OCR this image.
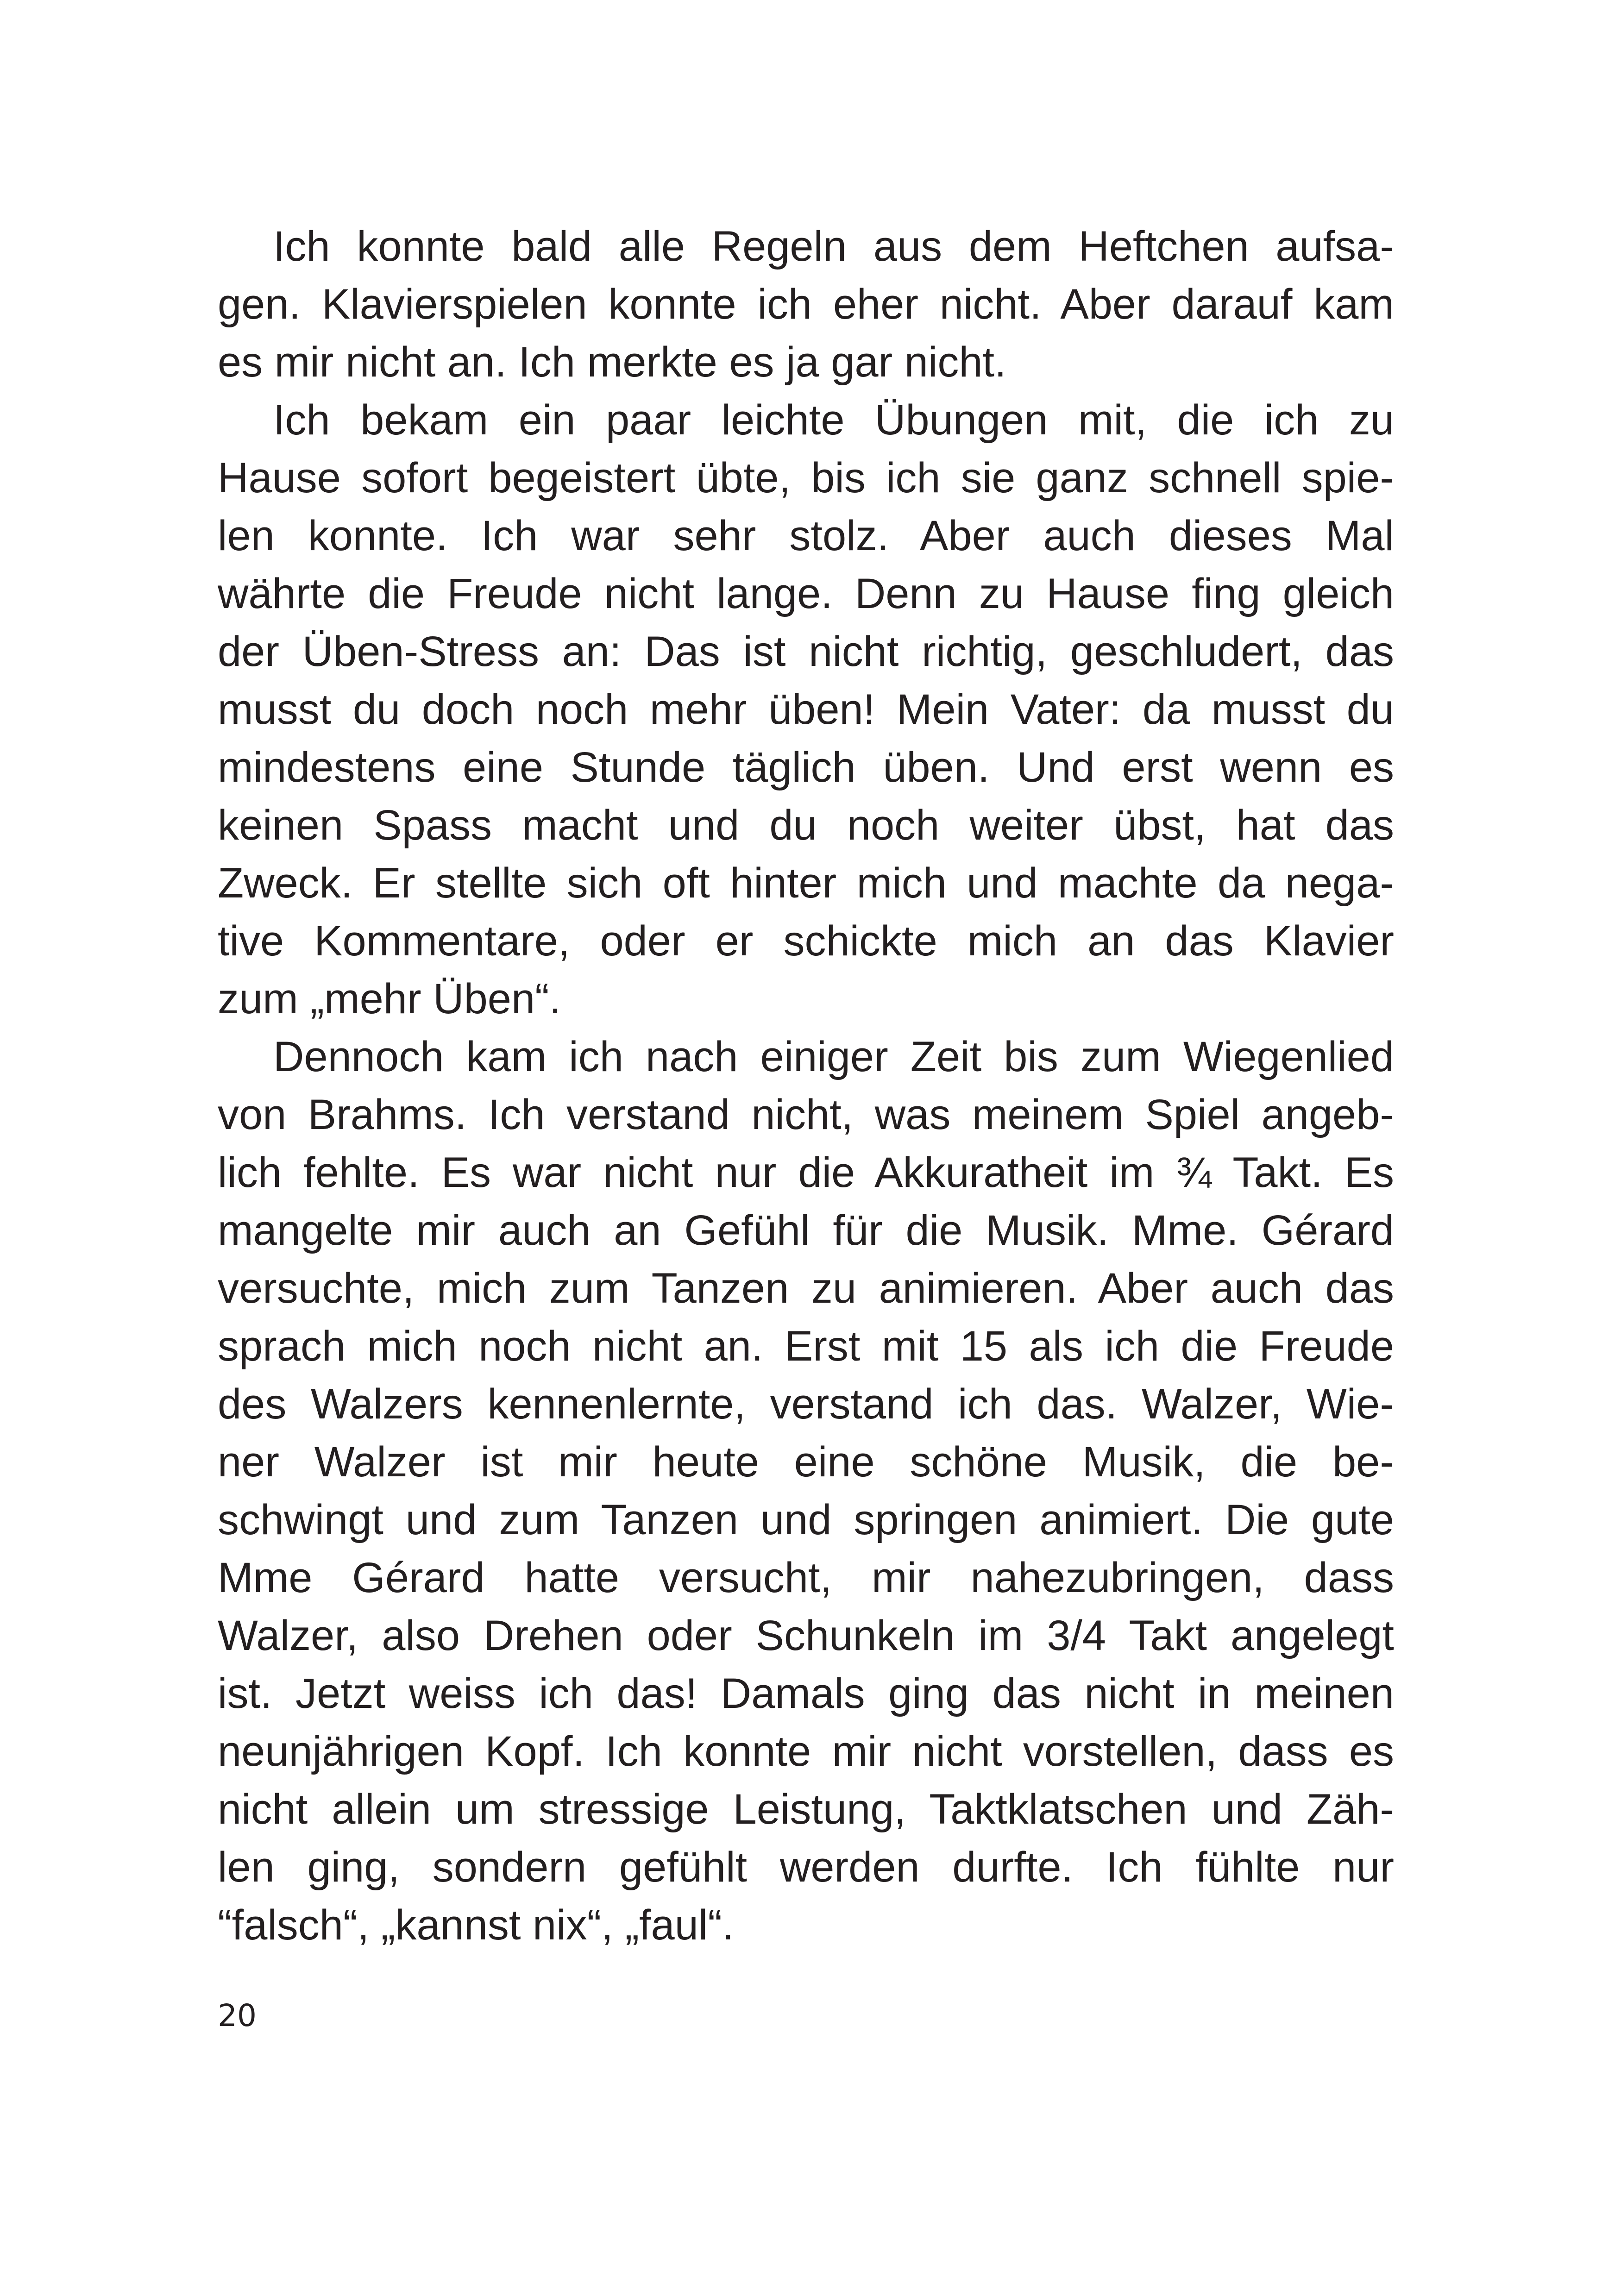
Ich konnte bald alle Regeln aus dem Heftchen aufsa-
gen. Klavierspielen konnte ich eher nicht. Aber darauf kam
es mir nicht an. Ich merkte es ja gar nicht.
Ich bekam ein paar leichte Übungen mit, die ich zu
Hause sofort begeistert übte, bis ich sie ganz schnell spie-
len konnte. Ich war sehr stolz. Aber auch dieses Mal
währte die Freude nicht lange. Denn zu Hause fing gleich
der Üben-Stress an: Das ist nicht richtig, geschludert, das
musst du doch noch mehr üben! Mein Vater: da musst du
mindestens eine Stunde täglich üben. Und erst wenn es
keinen Spass macht und du noch weiter übst, hat das
Zweck. Er stellte sich oft hinter mich und machte da nega-
tive Kommentare, oder er schickte mich an das Klavier
zum „mehr Üben“.
Dennoch kam ich nach einiger Zeit bis zum Wiegenlied
von Brahms. Ich verstand nicht, was meinem Spiel angeb-
lich fehlte. Es war nicht nur die Akkuratheit im ¾ Takt. Es
mangelte mir auch an Gefühl für die Musik. Mme. Gérard
versuchte, mich zum Tanzen zu animieren. Aber auch das
sprach mich noch nicht an. Erst mit 15 als ich die Freude
des Walzers kennenlernte, verstand ich das. Walzer, Wie-
ner Walzer ist mir heute eine schöne Musik, die be-
schwingt und zum Tanzen und springen animiert. Die gute
Mme Gérard hatte versucht, mir nahezubringen, dass
Walzer, also Drehen oder Schunkeln im 3/4 Takt angelegt
ist. Jetzt weiss ich das! Damals ging das nicht in meinen
neunjährigen Kopf. Ich konnte mir nicht vorstellen, dass es
nicht allein um stressige Leistung, Taktklatschen und Zäh-
len ging, sondern gefühlt werden durfte. Ich fühlte nur
“falsch“, „kannst nix“, „faul“.
20
